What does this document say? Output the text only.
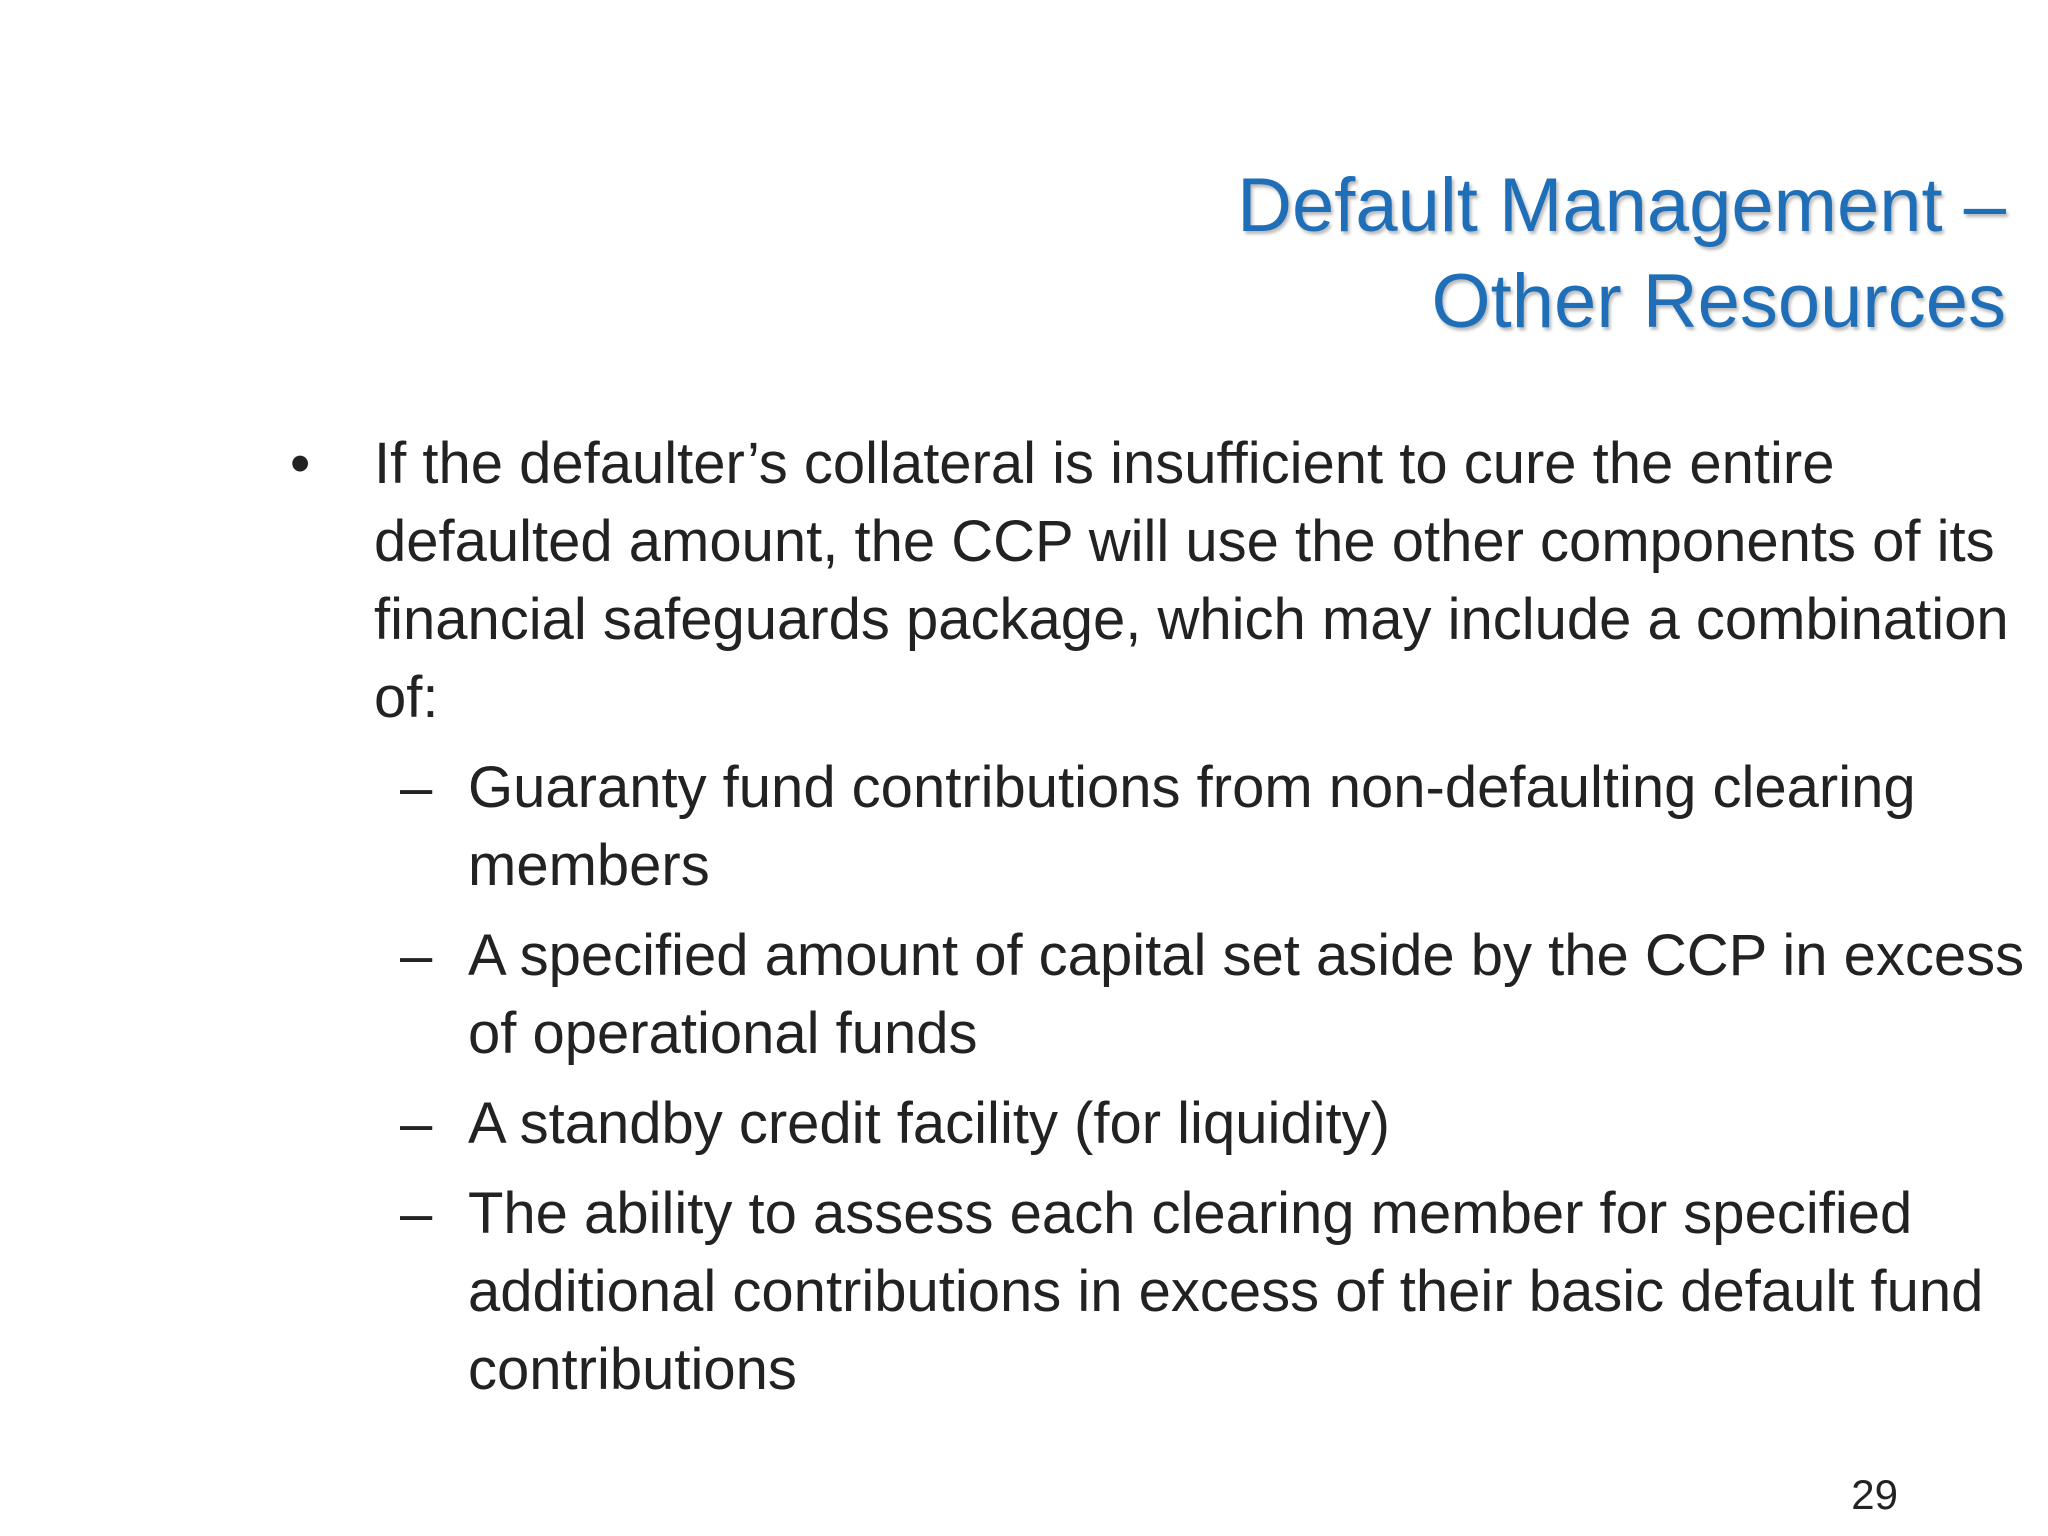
Default Management –
Other Resources
•	If the defaulter’s collateral is insufficient to cure the entire defaulted amount, the CCP will use the other components of its financial safeguards package, which may include a combination of:
– Guaranty fund contributions from non-defaulting clearing members
– A specified amount of capital set aside by the CCP in excess of operational funds
– A standby credit facility (for liquidity)
– The ability to assess each clearing member for specified additional contributions in excess of their basic default fund contributions
29
